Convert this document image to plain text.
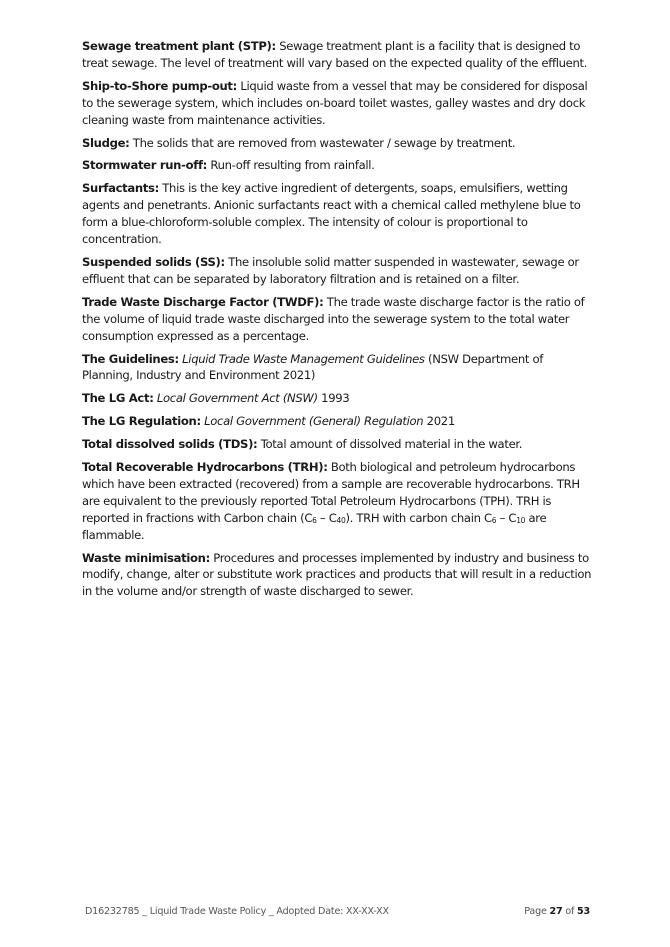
Sewage treatment plant (STP): Sewage treatment plant is a facility that is designed to treat sewage. The level of treatment will vary based on the expected quality of the effluent.

Ship-to-Shore pump-out: Liquid waste from a vessel that may be considered for disposal to the sewerage system, which includes on-board toilet wastes, galley wastes and dry dock cleaning waste from maintenance activities.

Sludge: The solids that are removed from wastewater / sewage by treatment.

Stormwater run-off: Run-off resulting from rainfall.

Surfactants: This is the key active ingredient of detergents, soaps, emulsifiers, wetting agents and penetrants. Anionic surfactants react with a chemical called methylene blue to form a blue-chloroform-soluble complex. The intensity of colour is proportional to concentration.

Suspended solids (SS): The insoluble solid matter suspended in wastewater, sewage or effluent that can be separated by laboratory filtration and is retained on a filter.

Trade Waste Discharge Factor (TWDF): The trade waste discharge factor is the ratio of the volume of liquid trade waste discharged into the sewerage system to the total water consumption expressed as a percentage.

The Guidelines: Liquid Trade Waste Management Guidelines (NSW Department of Planning, Industry and Environment 2021)

The LG Act: Local Government Act (NSW) 1993

The LG Regulation: Local Government (General) Regulation 2021

Total dissolved solids (TDS): Total amount of dissolved material in the water.

Total Recoverable Hydrocarbons (TRH): Both biological and petroleum hydrocarbons which have been extracted (recovered) from a sample are recoverable hydrocarbons. TRH are equivalent to the previously reported Total Petroleum Hydrocarbons (TPH). TRH is reported in fractions with Carbon chain $(C_6 - C_{40})$. TRH with carbon chain $C_6 - C_{10}$ are flammable.

Waste minimisation: Procedures and processes implemented by industry and business to modify, change, alter or substitute work practices and products that will result in a reduction in the volume and/or strength of waste discharged to sewer.

D16232785 _ Liquid Trade Waste Policy _ Adopted Date: XX-XX-XX	Page 27 of 53
